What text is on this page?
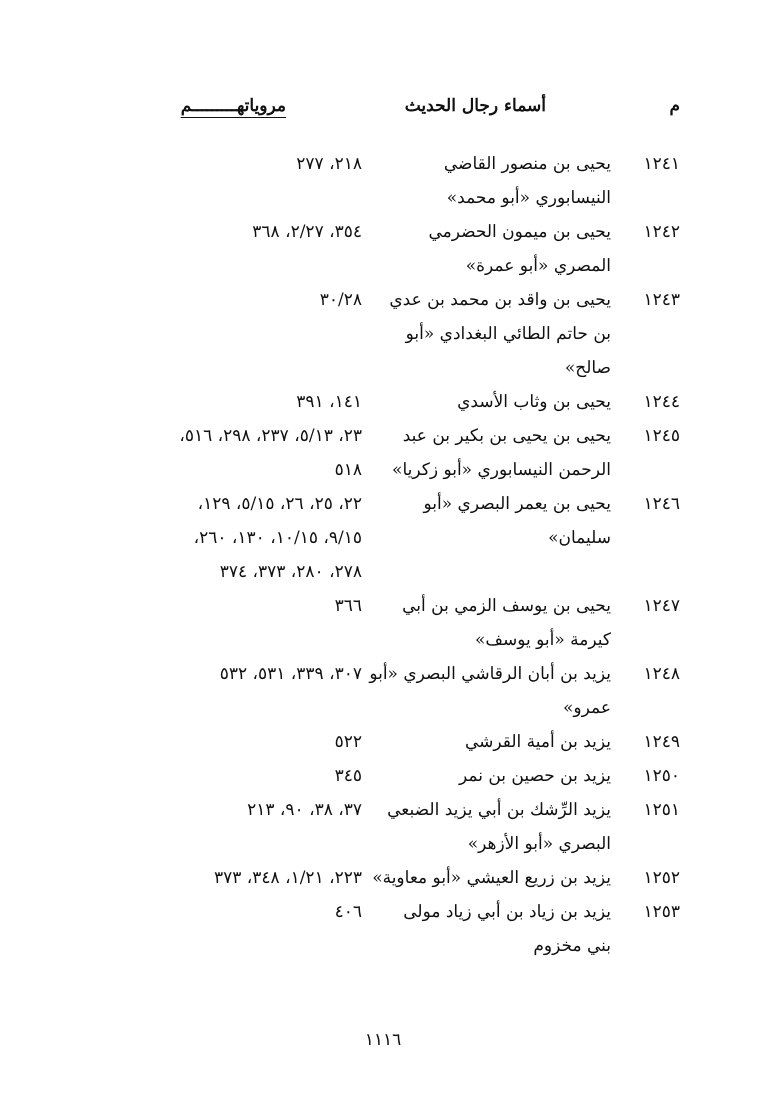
م
أسماء رجال الحديث
مروياتهـــــــــم
١٢٤١
يحيى بن منصور القاضي
النيسابوري «أبو محمد»
٢١٨، ٢٧٧
١٢٤٢
يحيى بن ميمون الحضرمي
المصري «أبو عمرة»
٣٥٤، ٢/٢٧، ٣٦٨
١٢٤٣
يحيى بن واقد بن محمد بن عدي
بن حاتم الطائي البغدادي «أبو
صالح»
٣٠/٢٨
١٢٤٤
يحيى بن وثاب الأسدي
١٤١، ٣٩١
١٢٤٥
يحيى بن يحيى بن بكير بن عبد
الرحمن النيسابوري «أبو زكريا»
٢٣، ٥/١٣، ٢٣٧، ٢٩٨، ٥١٦،
٥١٨
١٢٤٦
يحيى بن يعمر البصري «أبو
سليمان»
٢٢، ٢٥، ٢٦، ٥/١٥، ١٢٩،
٩/١٥، ١٠/١٥، ١٣٠، ٢٦٠،
٢٧٨، ٢٨٠، ٣٧٣، ٣٧٤
١٢٤٧
يحيى بن يوسف الزمي بن أبي
كيرمة «أبو يوسف»
٣٦٦
١٢٤٨
يزيد بن أبان الرقاشي البصري «أبو
عمرو»
٣٠٧، ٣٣٩، ٥٣١، ٥٣٢
١٢٤٩
يزيد بن أمية القرشي
٥٢٢
١٢٥٠
يزيد بن حصين بن نمر
٣٤٥
١٢٥١
يزيد الرِّشك بن أبي يزيد الضبعي
البصري «أبو الأزهر»
٣٧، ٣٨، ٩٠، ٢١٣
١٢٥٢
يزيد بن زريع العيشي «أبو معاوية»
٢٢٣، ١/٢١، ٣٤٨، ٣٧٣
١٢٥٣
يزيد بن زياد بن أبي زياد مولى
بني مخزوم
٤٠٦
١١١٦
